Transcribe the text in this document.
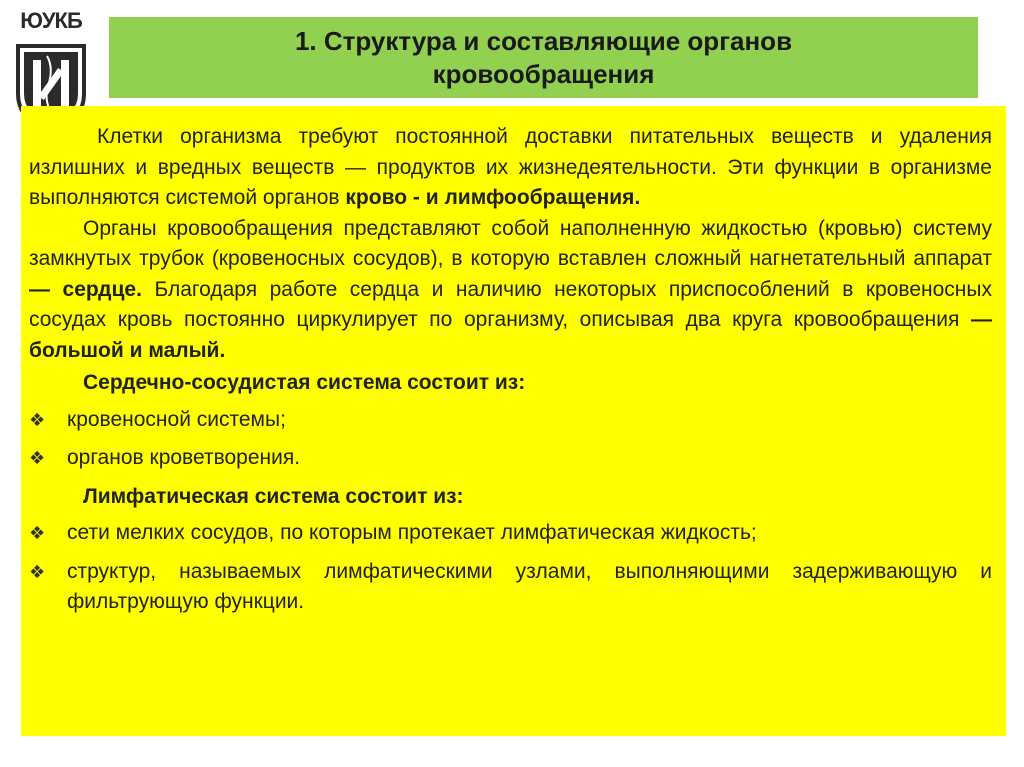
ЮУКБ
1. Структура и составляющие органов
кровообращения

Клетки организма требуют постоянной доставки питательных веществ и удаления излишних и вредных веществ — продуктов их жизнедеятельности. Эти функции в организме выполняются системой органов крово - и лимфообращения.

Органы кровообращения представляют собой наполненную жидкостью (кровью) систему замкнутых трубок (кровеносных сосудов), в которую вставлен сложный нагнетательный аппарат — сердце. Благодаря работе сердца и наличию некоторых приспособлений в кровеносных сосудах кровь постоянно циркулирует по организму, описывая два круга кровообращения — большой и малый.

Сердечно-сосудистая система состоит из:

❖ кровеносной системы;
❖ органов кроветворения.

Лимфатическая система состоит из:

❖ сети мелких сосудов, по которым протекает лимфатическая жидкость;
❖ структур, называемых лимфатическими узлами, выполняющими задерживающую и фильтрующую функции.
